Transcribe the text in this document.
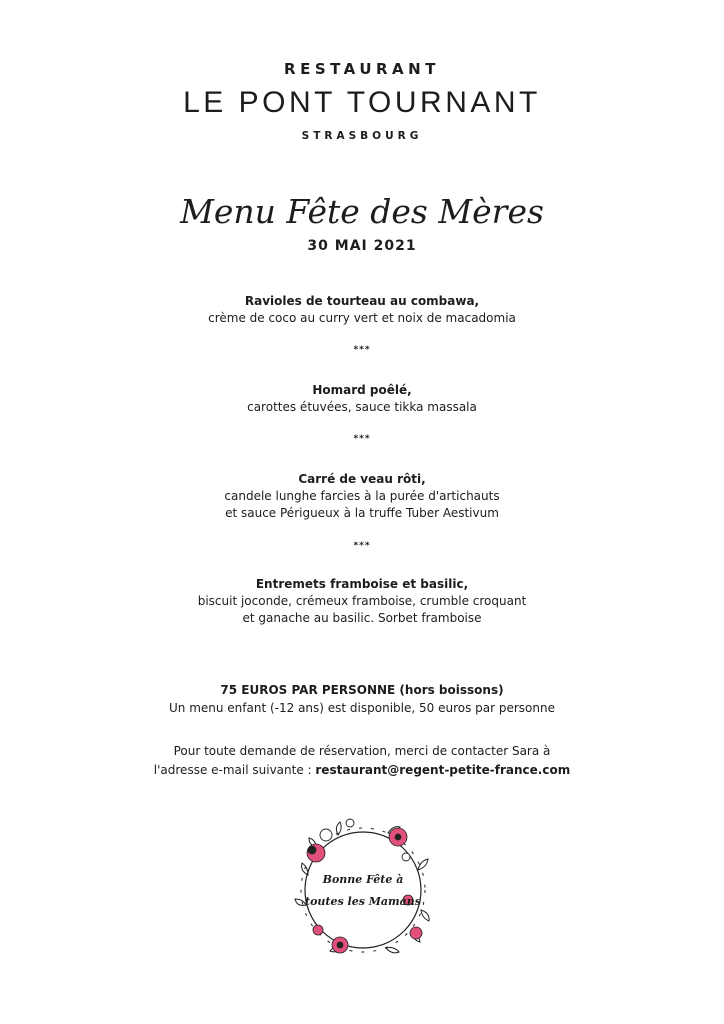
RESTAURANT
LE PONT TOURNANT
STRASBOURG
Menu Fête des Mères
30 MAI 2021
Ravioles de tourteau au combawa,
crème de coco au curry vert et noix de macadomia
***
Homard poêlé,
carottes étuvées, sauce tikka massala
***
Carré de veau rôti,
candele lunghe farcies à la purée d'artichauts
et sauce Périgueux à la truffe Tuber Aestivum
***
Entremets framboise et basilic,
biscuit joconde, crémeux framboise, crumble croquant
et ganache au basilic. Sorbet framboise
75 EUROS PAR PERSONNE (hors boissons)
Un menu enfant (-12 ans) est disponible, 50 euros par personne
Pour toute demande de réservation, merci de contacter Sara à
l'adresse e-mail suivante : restaurant@regent-petite-france.com
Bonne Fête à
toutes les Mamans
